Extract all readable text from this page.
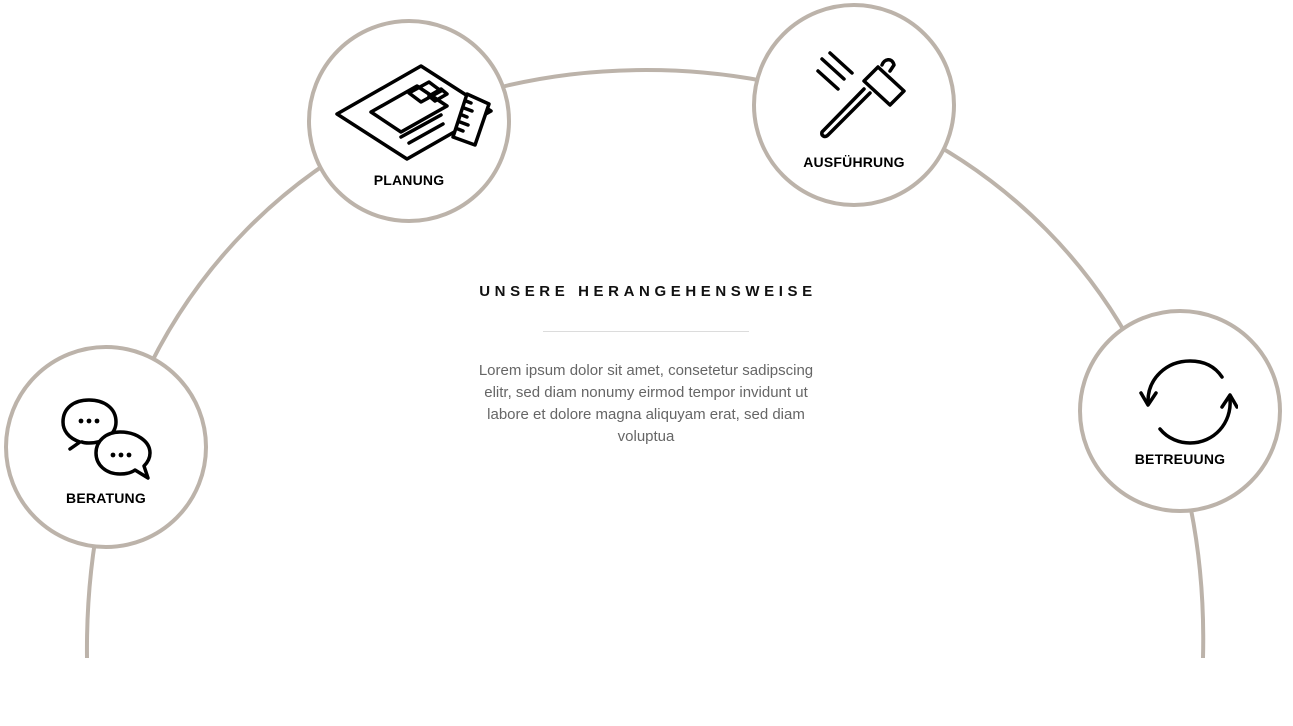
BERATUNG
PLANUNG
AUSFÜHRUNG
BETREUUNG
UNSERE HERANGEHENSWEISE

Lorem ipsum dolor sit amet, consetetur sadipscing elitr, sed diam nonumy eirmod tempor invidunt ut labore et dolore magna aliquyam erat, sed diam voluptua
